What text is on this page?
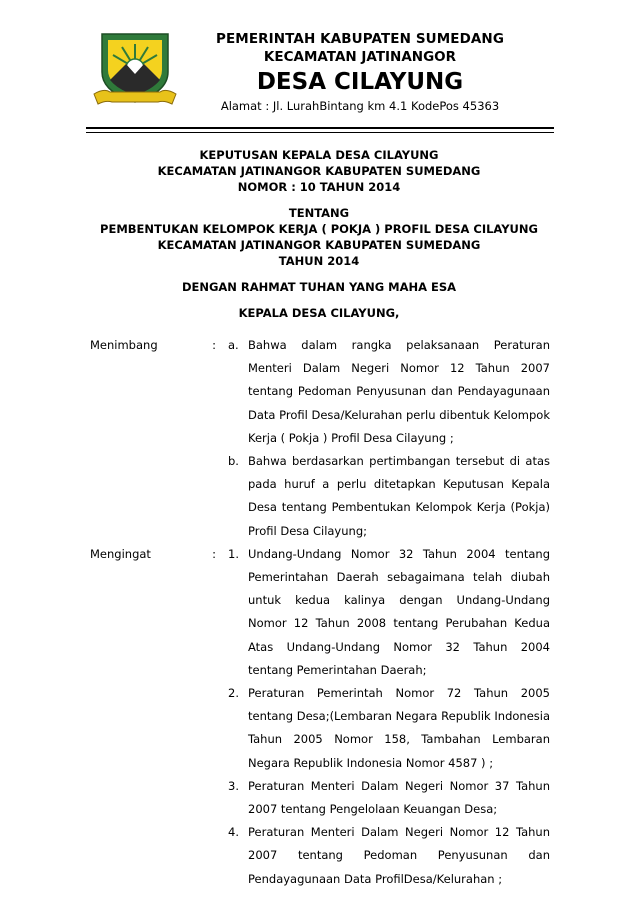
PEMERINTAH KABUPATEN SUMEDANG
KECAMATAN JATINANGOR
DESA CILAYUNG
Alamat : Jl. LurahBintang km 4.1 KodePos 45363
KEPUTUSAN KEPALA DESA CILAYUNG
KECAMATAN JATINANGOR KABUPATEN SUMEDANG
NOMOR : 10 TAHUN 2014
TENTANG
PEMBENTUKAN KELOMPOK KERJA ( POKJA ) PROFIL DESA CILAYUNG
KECAMATAN JATINANGOR KABUPATEN SUMEDANG
TAHUN 2014
DENGAN RAHMAT TUHAN YANG MAHA ESA
KEPALA DESA CILAYUNG,
Menimbang	:	a. Bahwa dalam rangka pelaksanaan Peraturan Menteri Dalam Negeri Nomor 12 Tahun 2007 tentang Pedoman Penyusunan dan Pendayagunaan Data Profil Desa/Kelurahan perlu dibentuk Kelompok Kerja ( Pokja ) Profil Desa Cilayung ;
b. Bahwa berdasarkan pertimbangan tersebut di atas pada huruf a perlu ditetapkan Keputusan Kepala Desa tentang Pembentukan Kelompok Kerja (Pokja) Profil Desa Cilayung;
Mengingat	:	1. Undang-Undang Nomor 32 Tahun 2004 tentang Pemerintahan Daerah sebagaimana telah diubah untuk kedua kalinya dengan Undang-Undang Nomor 12 Tahun 2008 tentang Perubahan Kedua Atas Undang-Undang Nomor 32 Tahun 2004 tentang Pemerintahan Daerah;
2. Peraturan Pemerintah Nomor 72 Tahun 2005 tentang Desa;(Lembaran Negara Republik Indonesia Tahun 2005 Nomor 158, Tambahan Lembaran Negara Republik Indonesia Nomor 4587 ) ;
3. Peraturan Menteri Dalam Negeri Nomor 37 Tahun 2007 tentang Pengelolaan Keuangan Desa;
4. Peraturan Menteri Dalam Negeri Nomor 12 Tahun 2007 tentang Pedoman Penyusunan dan Pendayagunaan Data ProfilDesa/Kelurahan ;
